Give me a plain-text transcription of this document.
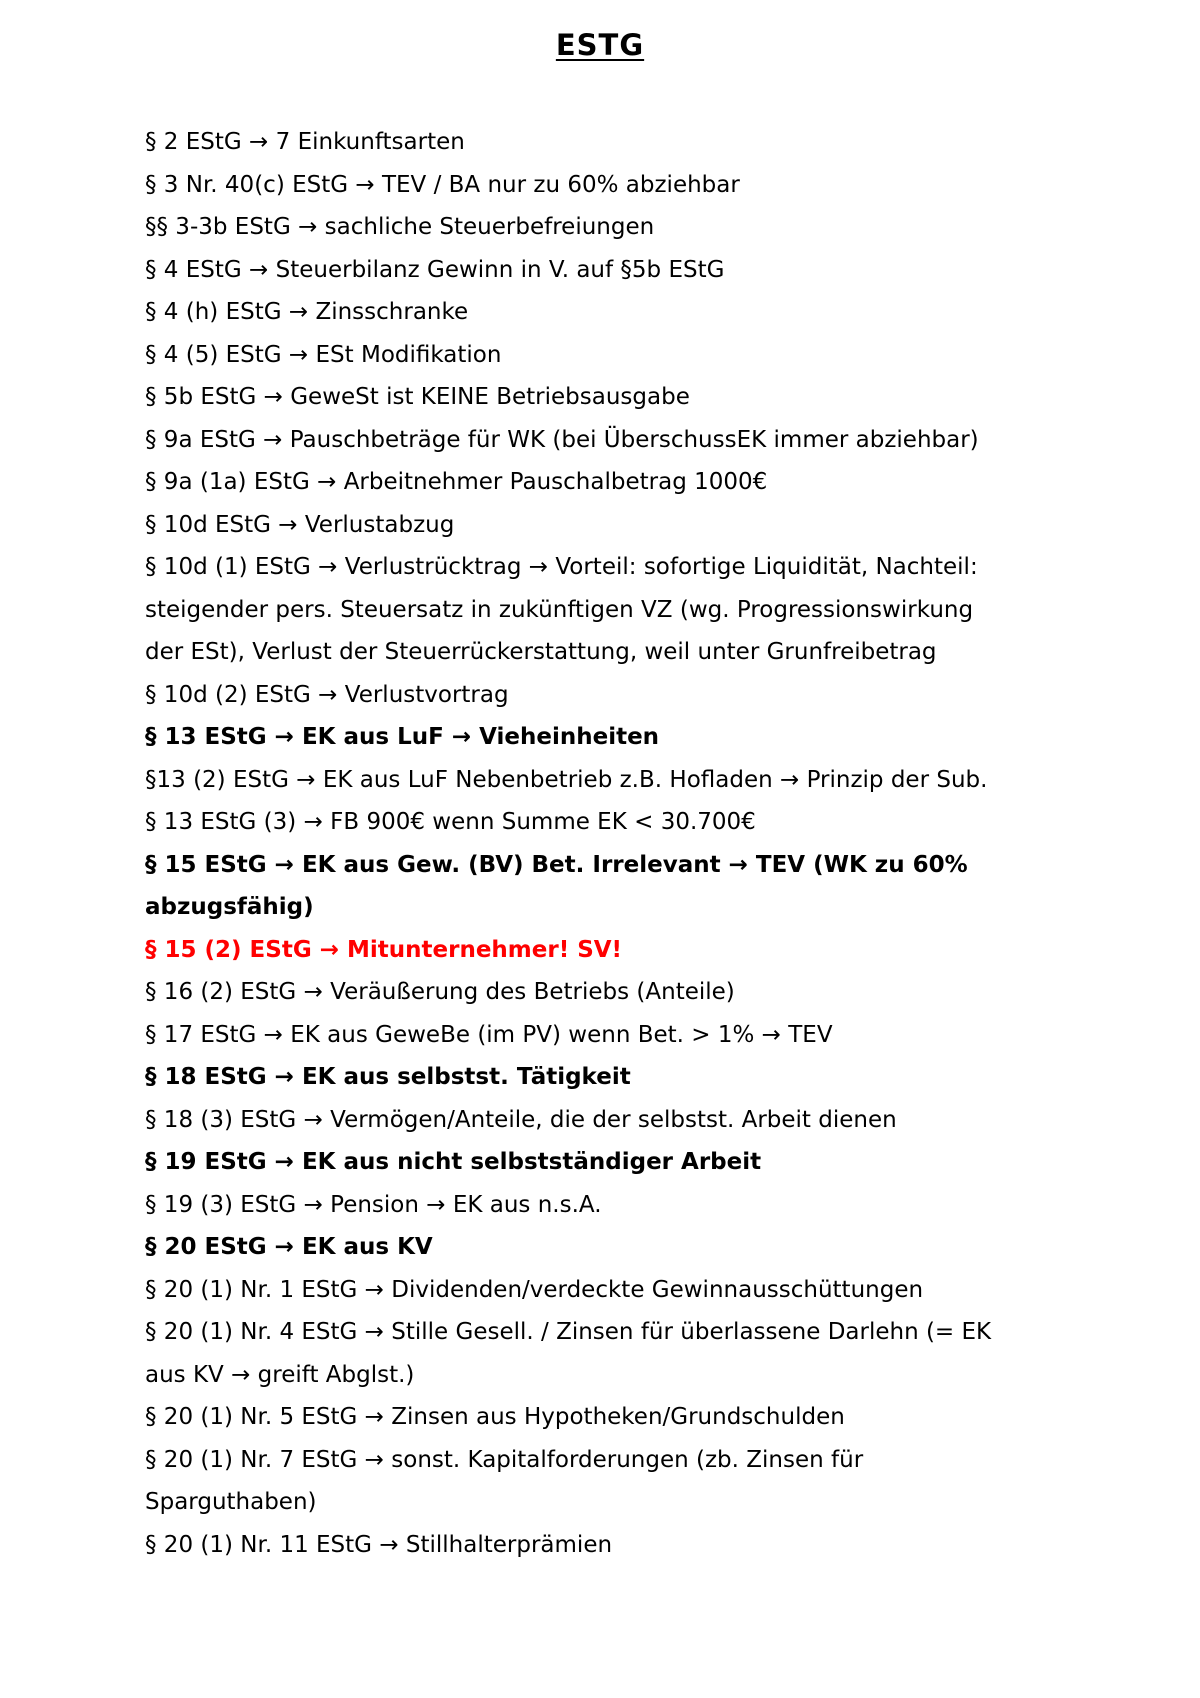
ESTG
§ 2 EStG → 7 Einkunftsarten
§ 3 Nr. 40(c) EStG → TEV / BA nur zu 60% abziehbar
§§ 3-3b EStG → sachliche Steuerbefreiungen
§ 4 EStG → Steuerbilanz Gewinn in V. auf §5b EStG
§ 4 (h) EStG → Zinsschranke
§ 4 (5) EStG → ESt Modifikation
§ 5b EStG → GeweSt ist KEINE Betriebsausgabe
§ 9a EStG → Pauschbeträge für WK (bei ÜberschussEK immer abziehbar)
§ 9a (1a) EStG → Arbeitnehmer Pauschalbetrag 1000€
§ 10d EStG → Verlustabzug
§ 10d (1) EStG → Verlustrücktrag → Vorteil: sofortige Liquidität, Nachteil:
steigender pers. Steuersatz in zukünftigen VZ (wg. Progressionswirkung
der ESt), Verlust der Steuerrückerstattung, weil unter Grunfreibetrag
§ 10d (2) EStG → Verlustvortrag
§ 13 EStG → EK aus LuF → Vieheinheiten
§13 (2) EStG → EK aus LuF Nebenbetrieb z.B. Hofladen → Prinzip der Sub.
§ 13 EStG (3) → FB 900€ wenn Summe EK < 30.700€
§ 15 EStG → EK aus Gew. (BV) Bet. Irrelevant → TEV (WK zu 60%
abzugsfähig)
§ 15 (2) EStG → Mitunternehmer! SV!
§ 16 (2) EStG → Veräußerung des Betriebs (Anteile)
§ 17 EStG → EK aus GeweBe (im PV) wenn Bet. > 1% → TEV
§ 18 EStG → EK aus selbstst. Tätigkeit
§ 18 (3) EStG → Vermögen/Anteile, die der selbstst. Arbeit dienen
§ 19 EStG → EK aus nicht selbstständiger Arbeit
§ 19 (3) EStG → Pension → EK aus n.s.A.
§ 20 EStG → EK aus KV
§ 20 (1) Nr. 1 EStG → Dividenden/verdeckte Gewinnausschüttungen
§ 20 (1) Nr. 4 EStG → Stille Gesell. / Zinsen für überlassene Darlehn (= EK
aus KV → greift Abglst.)
§ 20 (1) Nr. 5 EStG → Zinsen aus Hypotheken/Grundschulden
§ 20 (1) Nr. 7 EStG → sonst. Kapitalforderungen (zb. Zinsen für
Sparguthaben)
§ 20 (1) Nr. 11 EStG → Stillhalterprämien
